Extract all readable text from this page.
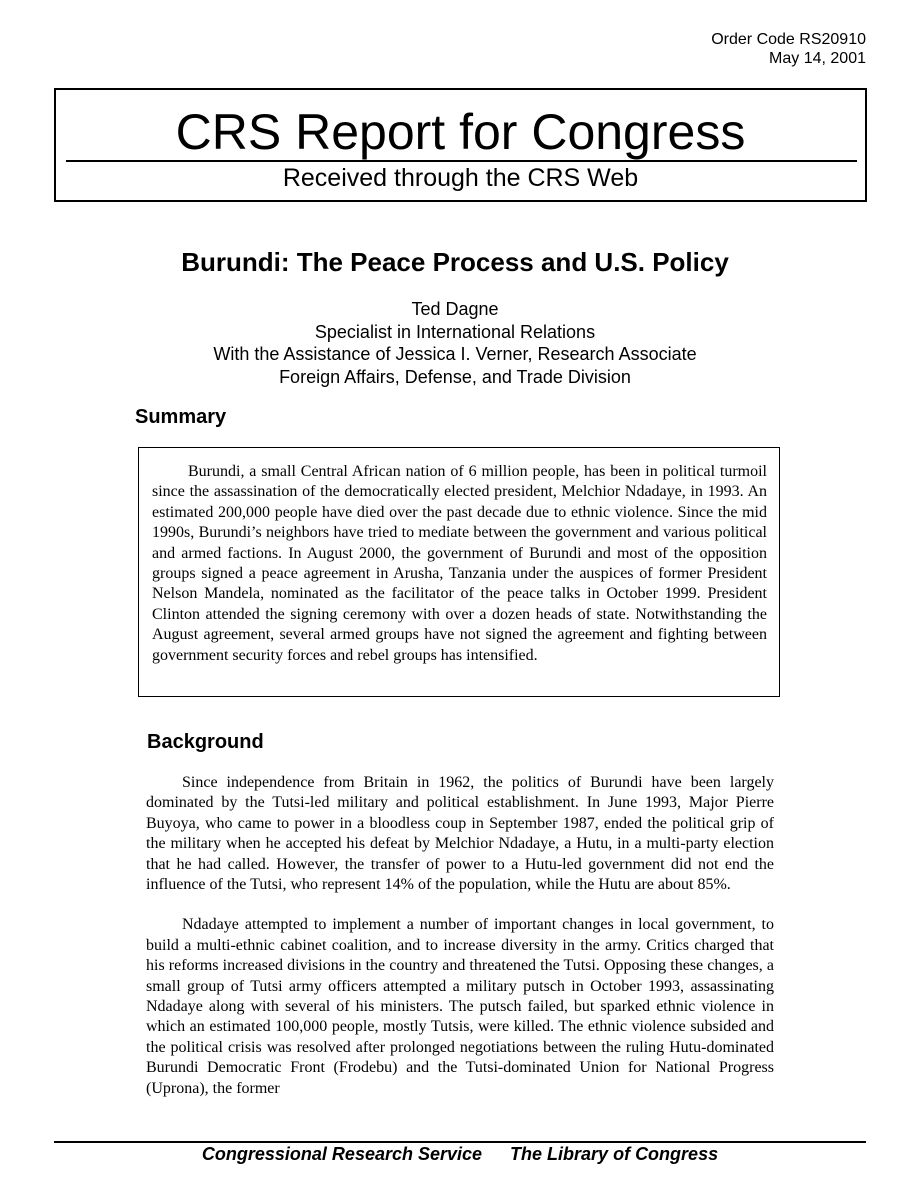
Order Code RS20910
May 14, 2001
CRS Report for Congress
Received through the CRS Web
Burundi: The Peace Process and U.S. Policy
Ted Dagne
Specialist in International Relations
With the Assistance of Jessica I. Verner, Research Associate
Foreign Affairs, Defense, and Trade Division
Summary

Burundi, a small Central African nation of 6 million people, has been in political turmoil since the assassination of the democratically elected president, Melchior Ndadaye, in 1993. An estimated 200,000 people have died over the past decade due to ethnic violence. Since the mid 1990s, Burundi’s neighbors have tried to mediate between the government and various political and armed factions. In August 2000, the government of Burundi and most of the opposition groups signed a peace agreement in Arusha, Tanzania under the auspices of former President Nelson Mandela, nominated as the facilitator of the peace talks in October 1999. President Clinton attended the signing ceremony with over a dozen heads of state. Notwithstanding the August agreement, several armed groups have not signed the agreement and fighting between government security forces and rebel groups has intensified.

Background

Since independence from Britain in 1962, the politics of Burundi have been largely dominated by the Tutsi-led military and political establishment. In June 1993, Major Pierre Buyoya, who came to power in a bloodless coup in September 1987, ended the political grip of the military when he accepted his defeat by Melchior Ndadaye, a Hutu, in a multi-party election that he had called. However, the transfer of power to a Hutu-led government did not end the influence of the Tutsi, who represent 14% of the population, while the Hutu are about 85%.

Ndadaye attempted to implement a number of important changes in local government, to build a multi-ethnic cabinet coalition, and to increase diversity in the army. Critics charged that his reforms increased divisions in the country and threatened the Tutsi. Opposing these changes, a small group of Tutsi army officers attempted a military putsch in October 1993, assassinating Ndadaye along with several of his ministers. The putsch failed, but sparked ethnic violence in which an estimated 100,000 people, mostly Tutsis, were killed. The ethnic violence subsided and the political crisis was resolved after prolonged negotiations between the ruling Hutu-dominated Burundi Democratic Front (Frodebu) and the Tutsi-dominated Union for National Progress (Uprona), the former

Congressional Research Service The Library of Congress
